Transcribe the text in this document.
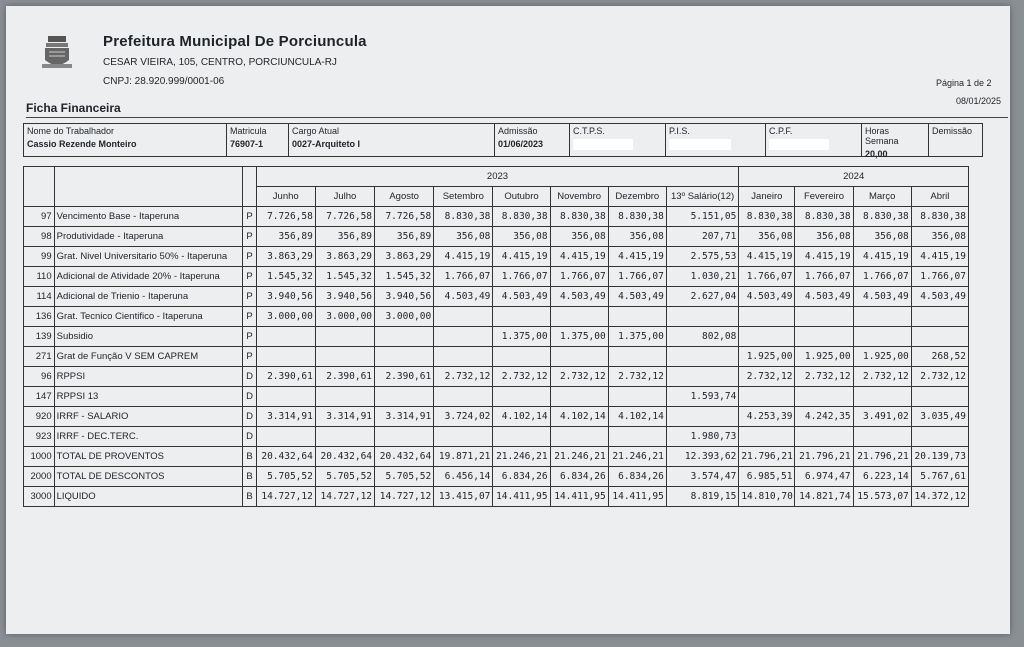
Prefeitura Municipal De Porciuncula
CESAR VIEIRA, 105, CENTRO, PORCIUNCULA-RJ
CNPJ: 28.920.999/0001-06	Página 1 de 2
08/01/2025
Ficha Financeira
Nome do Trabalhador
Cassio Rezende Monteiro
Matricula
76907-1
Cargo Atual
0027-Arquiteto I
Admissão
01/06/2023
C.T.P.S.	P.I.S.	C.P.F.	Horas Semana
20,00
Demissão
			2023								2024			
			Junho	Julho	Agosto	Setembro	Outubro	Novembro	Dezembro	13º Salário(12)	Janeiro	Fevereiro	Março	Abril
97	Vencimento Base - Itaperuna	P	7.726,58	7.726,58	7.726,58	8.830,38	8.830,38	8.830,38	8.830,38	5.151,05	8.830,38	8.830,38	8.830,38	8.830,38
98	Produtividade - Itaperuna	P	356,89	356,89	356,89	356,08	356,08	356,08	356,08	207,71	356,08	356,08	356,08	356,08
99	Grat. Nivel Universitario 50% - Itaperuna	P	3.863,29	3.863,29	3.863,29	4.415,19	4.415,19	4.415,19	4.415,19	2.575,53	4.415,19	4.415,19	4.415,19	4.415,19
110	Adicional de Atividade 20% - Itaperuna	P	1.545,32	1.545,32	1.545,32	1.766,07	1.766,07	1.766,07	1.766,07	1.030,21	1.766,07	1.766,07	1.766,07	1.766,07
114	Adicional de Trienio - Itaperuna	P	3.940,56	3.940,56	3.940,56	4.503,49	4.503,49	4.503,49	4.503,49	2.627,04	4.503,49	4.503,49	4.503,49	4.503,49
136	Grat. Tecnico Cientifico - Itaperuna	P	3.000,00	3.000,00	3.000,00									
139	Subsidio	P					1.375,00	1.375,00	1.375,00	802,08				
271	Grat de Função V SEM CAPREM	P									1.925,00	1.925,00	1.925,00	268,52
96	RPPSI	D	2.390,61	2.390,61	2.390,61	2.732,12	2.732,12	2.732,12	2.732,12		2.732,12	2.732,12	2.732,12	2.732,12
147	RPPSI 13	D								1.593,74				
920	IRRF - SALARIO	D	3.314,91	3.314,91	3.314,91	3.724,02	4.102,14	4.102,14	4.102,14		4.253,39	4.242,35	3.491,02	3.035,49
923	IRRF - DEC.TERC.	D								1.980,73				
1000	TOTAL DE PROVENTOS	B	20.432,64	20.432,64	20.432,64	19.871,21	21.246,21	21.246,21	21.246,21	12.393,62	21.796,21	21.796,21	21.796,21	20.139,73
2000	TOTAL DE DESCONTOS	B	5.705,52	5.705,52	5.705,52	6.456,14	6.834,26	6.834,26	6.834,26	3.574,47	6.985,51	6.974,47	6.223,14	5.767,61
3000	LIQUIDO	B	14.727,12	14.727,12	14.727,12	13.415,07	14.411,95	14.411,95	14.411,95	8.819,15	14.810,70	14.821,74	15.573,07	14.372,12
